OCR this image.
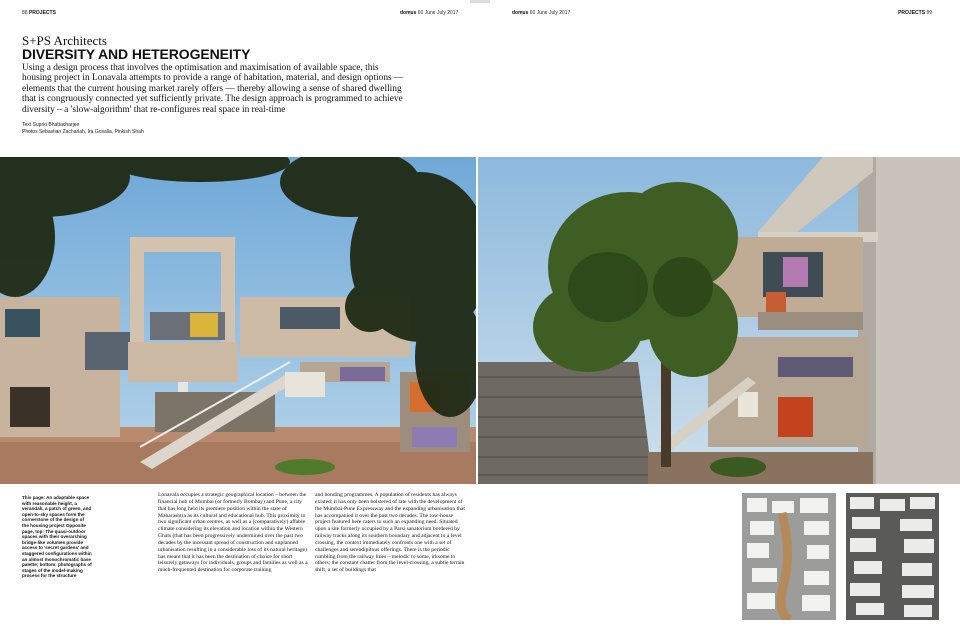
88 PROJECTS	domus 60 June July 2017	domus 60 June July 2017	PROJECTS 89
S+PS Architects
DIVERSITY AND HETEROGENEITY

Using a design process that involves the optimisation and maximisation of available space, this housing project in Lonavala attempts to provide a range of habitation, material, and design options — elements that the current housing market rarely offers — thereby allowing a sense of shared dwelling that is congruously connected yet sufficiently private. The design approach is programmed to achieve diversity – a 'slow-algorithm' that re-configures real space in real-time

Text Suprio Bhattacharjee
Photos Sebastian Zachariah, Ira Gosalia, Pinkish Shah

This page: An adaptable space with reasonable height, a verandah, a patch of green, and open-to-sky spaces form the cornerstone of the design of the housing project Opposite page, top: The quasi-outdoor spaces with their overarching bridge-like volumes provide access to 'secret gardens' and staggered configurations within an almost monochromatic base palette; bottom: photographs of stages of the model-making process for the structure

Lonavala occupies a strategic geographical location – between the financial hub of Mumbai (or formerly Bombay) and Pune, a city that has long held its premiere position within the state of Maharashtra as its cultural and educational hub. This proximity to two significant urban centres, as well as a (comparatively) affable climate considering its elevation and location within the Western Ghats (that has been progressively undermined over the past two decades by the incessant spread of construction and unplanned urbanisation resulting in a considerable loss of its natural heritage) has meant that it has been the destination of choice for short leisurely getaways for individuals, groups and families as well as a much-frequented destination for corporate training

and bonding programmes. A population of residents has always existed; it has only been bolstered of late with the development of the Mumbai-Pune Expressway and the expanding urbanisation that has accompanied it over the past two decades. The row-house project featured here caters to such an expanding need. Situated upon a site formerly occupied by a Parsi sanatorium bordered by railway tracks along its southern boundary and adjacent to a level crossing, the context immediately confronts one with a set of challenges and serendipitous offerings. There is the periodic rumbling from the railway lines – melodic to some, irksome to others; the constant chatter from the level-crossing, a subtle terrain shift, a set of buildings that
